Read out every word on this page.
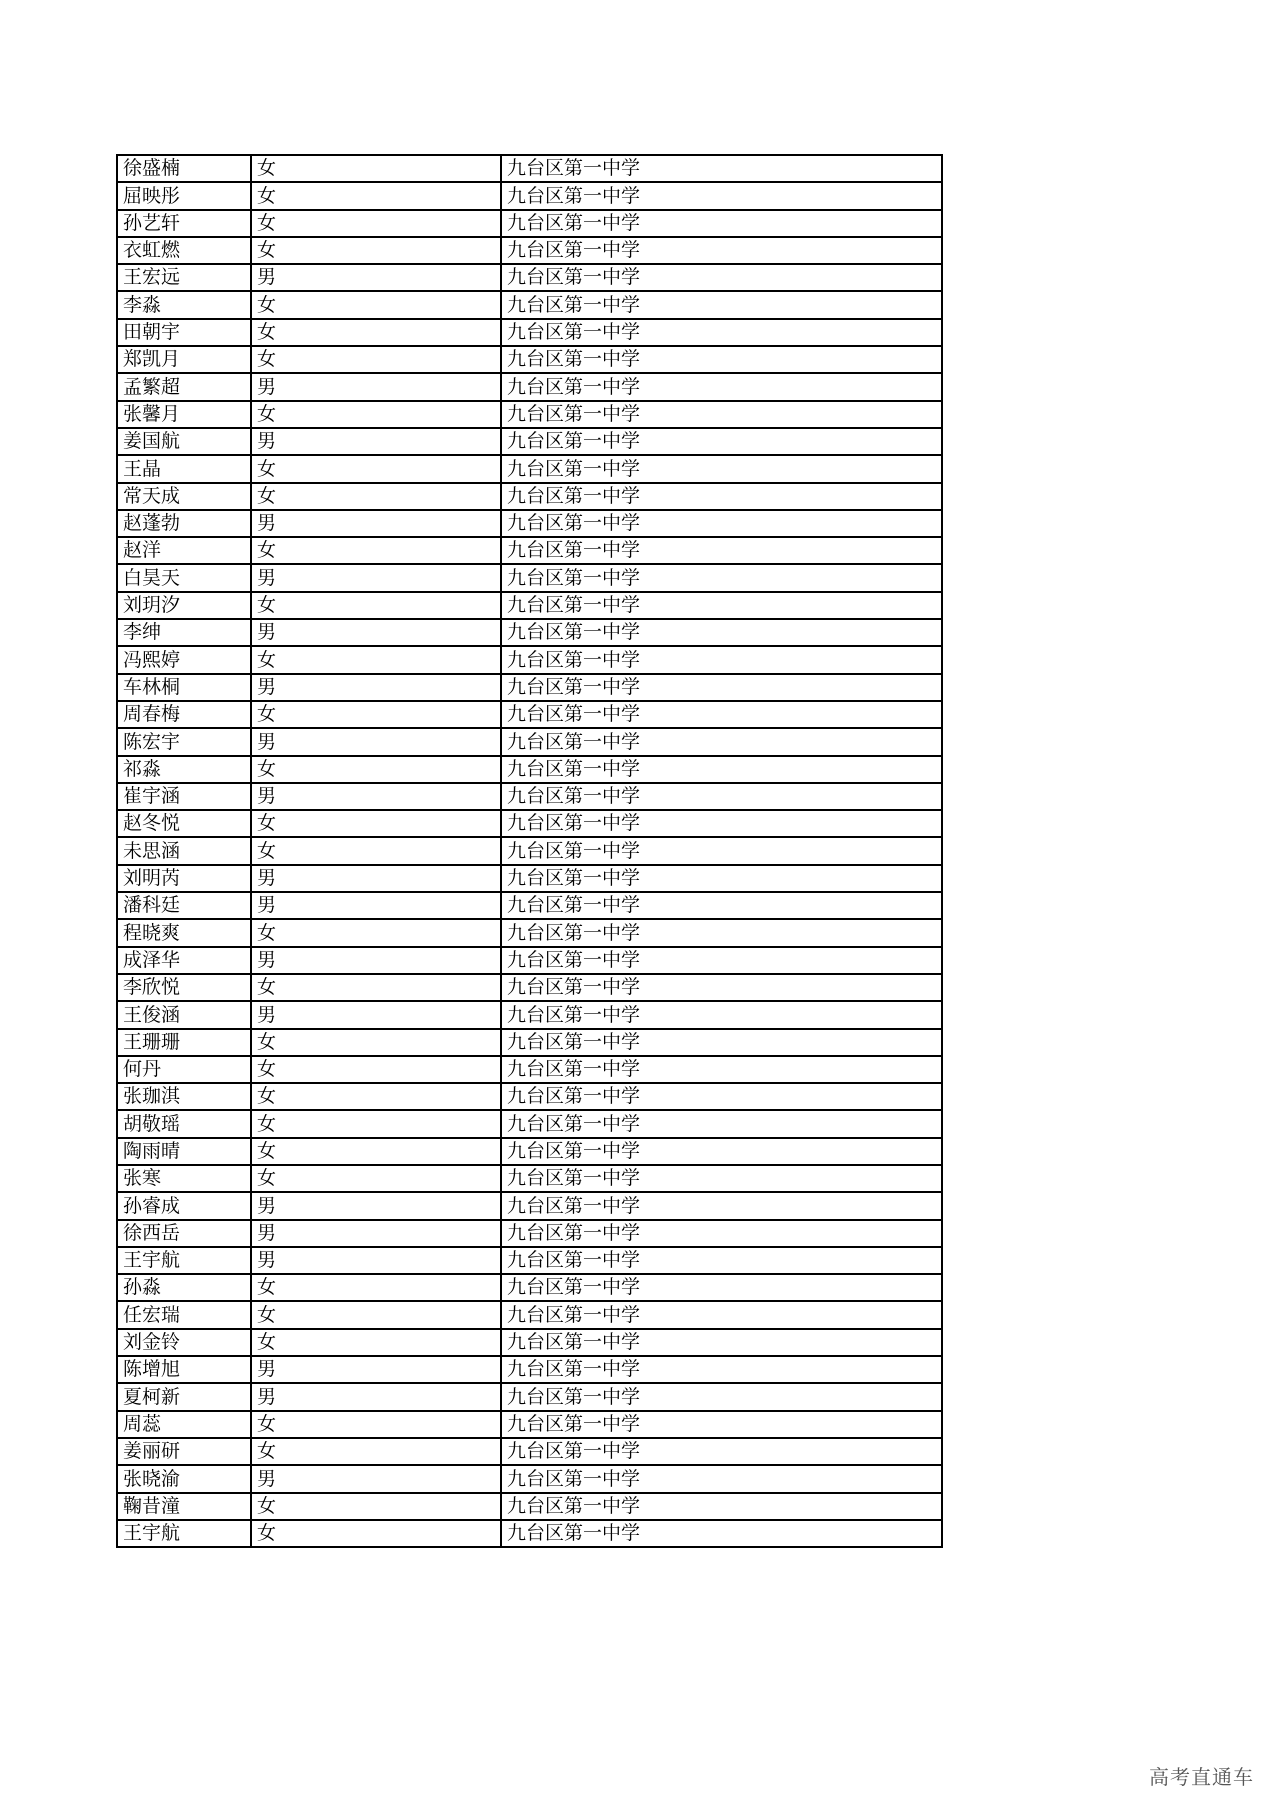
徐盛楠	女	九台区第一中学
屈映彤	女	九台区第一中学
孙艺轩	女	九台区第一中学
衣虹燃	女	九台区第一中学
王宏远	男	九台区第一中学
李淼	女	九台区第一中学
田朝宇	女	九台区第一中学
郑凯月	女	九台区第一中学
孟繁超	男	九台区第一中学
张馨月	女	九台区第一中学
姜国航	男	九台区第一中学
王晶	女	九台区第一中学
常天成	女	九台区第一中学
赵蓬勃	男	九台区第一中学
赵洋	女	九台区第一中学
白昊天	男	九台区第一中学
刘玥汐	女	九台区第一中学
李绅	男	九台区第一中学
冯熙婷	女	九台区第一中学
车林桐	男	九台区第一中学
周春梅	女	九台区第一中学
陈宏宇	男	九台区第一中学
祁淼	女	九台区第一中学
崔宇涵	男	九台区第一中学
赵冬悦	女	九台区第一中学
未思涵	女	九台区第一中学
刘明芮	男	九台区第一中学
潘科廷	男	九台区第一中学
程晓爽	女	九台区第一中学
成泽华	男	九台区第一中学
李欣悦	女	九台区第一中学
王俊涵	男	九台区第一中学
王珊珊	女	九台区第一中学
何丹	女	九台区第一中学
张珈淇	女	九台区第一中学
胡敬瑶	女	九台区第一中学
陶雨晴	女	九台区第一中学
张寒	女	九台区第一中学
孙睿成	男	九台区第一中学
徐西岳	男	九台区第一中学
王宇航	男	九台区第一中学
孙淼	女	九台区第一中学
任宏瑞	女	九台区第一中学
刘金铃	女	九台区第一中学
陈增旭	男	九台区第一中学
夏柯新	男	九台区第一中学
周蕊	女	九台区第一中学
姜丽研	女	九台区第一中学
张晓渝	男	九台区第一中学
鞠昔潼	女	九台区第一中学
王宇航	女	九台区第一中学
高考直通车
